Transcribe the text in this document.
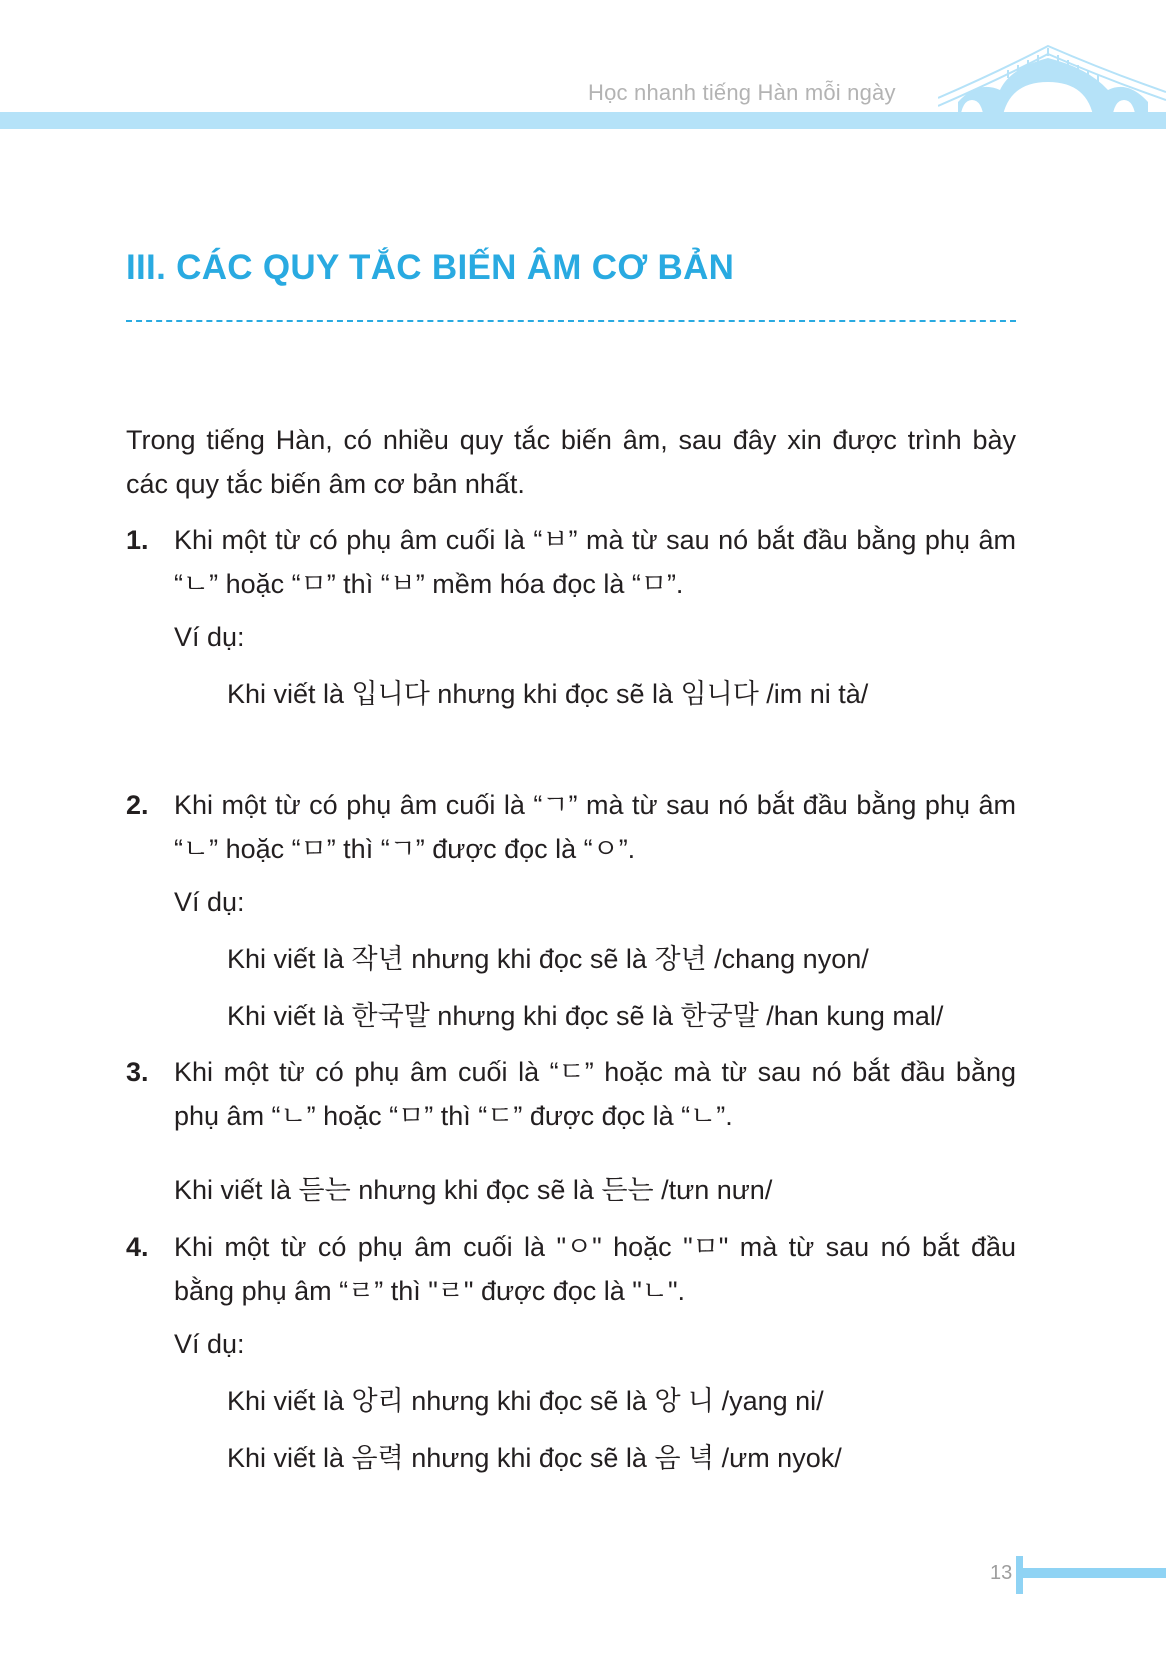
Học nhanh tiếng Hàn mỗi ngày
III. CÁC QUY TẮC BIẾN ÂM CƠ BẢN
Trong tiếng Hàn, có nhiều quy tắc biến âm, sau đây xin được trình bày các quy tắc biến âm cơ bản nhất.
1. Khi một từ có phụ âm cuối là “ㅂ” mà từ sau nó bắt đầu bằng phụ âm “ㄴ” hoặc “ㅁ” thì “ㅂ” mềm hóa đọc là “ㅁ”.
Ví dụ:
Khi viết là 입니다 nhưng khi đọc sẽ là 임니다 /im ni tà/
2. Khi một từ có phụ âm cuối là “ㄱ” mà từ sau nó bắt đầu bằng phụ âm “ㄴ” hoặc “ㅁ” thì “ㄱ” được đọc là “ㅇ”.
Ví dụ:
Khi viết là 작년 nhưng khi đọc sẽ là 장년 /chang nyon/
Khi viết là 한국말 nhưng khi đọc sẽ là 한궁말 /han kung mal/
3. Khi một từ có phụ âm cuối là “ㄷ” hoặc mà từ sau nó bắt đầu bằng phụ âm “ㄴ” hoặc “ㅁ” thì “ㄷ” được đọc là “ㄴ”.
Khi viết là 듣는 nhưng khi đọc sẽ là 든는 /tưn nưn/
4. Khi một từ có phụ âm cuối là "ㅇ" hoặc "ㅁ" mà từ sau nó bắt đầu bằng phụ âm “ㄹ” thì "ㄹ" được đọc là "ㄴ".
Ví dụ:
Khi viết là 앙리 nhưng khi đọc sẽ là 앙 니 /yang ni/
Khi viết là 음력 nhưng khi đọc sẽ là 음 녁 /ưm nyok/
13
